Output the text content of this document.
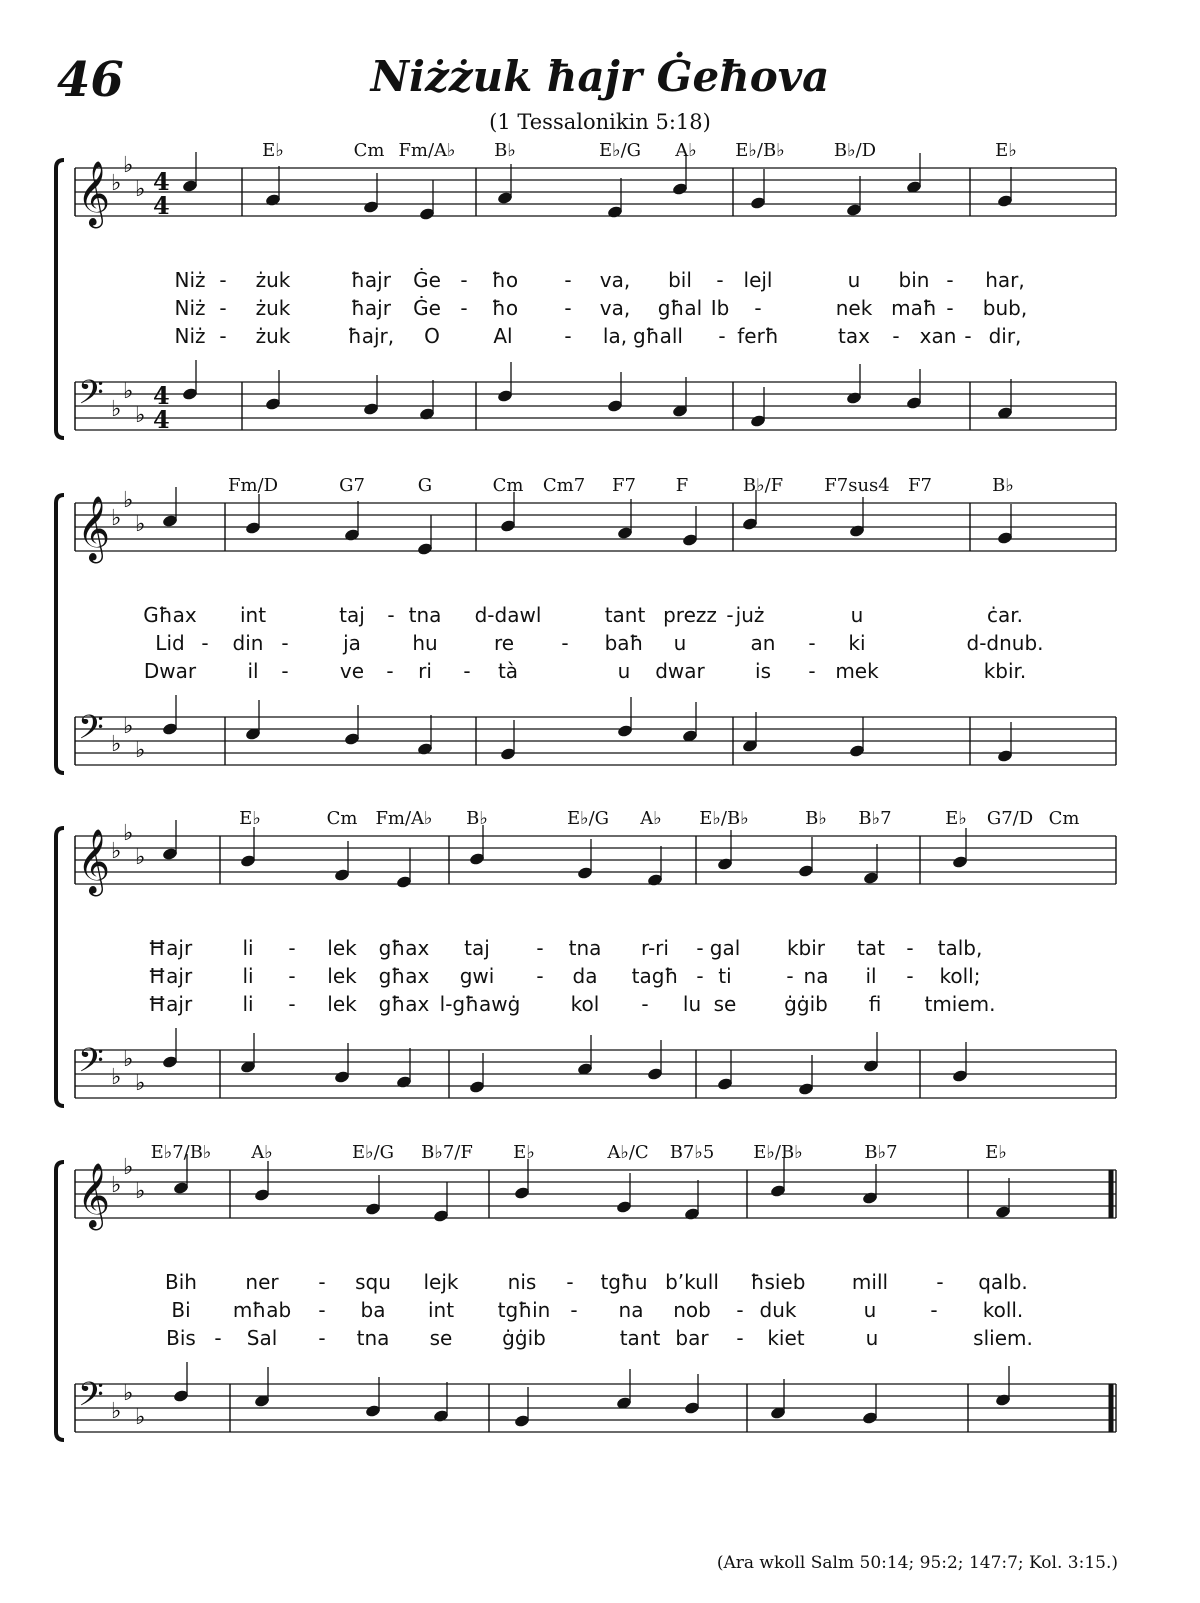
46	Niżżuk ħajr Ġeħova
(1 Tessalonikin 5:18)
E♭	Cm Fm/A♭ B♭	E♭/G A♭ E♭/B♭	B♭/D	E♭
𝄞 ♭
♭
♭ 4
4
𝄢 ♭
♭
♭
4
4
Niż - żuk	ħajr Ġe - ħo - va, bil - lejl	u bin - har,
Niż - żuk	ħajr Ġe - ħo - va, għal Ib -	nek maħ - bub,
Niż - żuk	ħajr, O	Al	- la, għall - ferħ	tax - xan - dir,
Fm/D	G7	G	Cm Cm7 F7 F	B♭/F F7sus4 F7	B♭
𝄞 ♭
♭
♭
𝄢 ♭
♭
♭
Għax int	taj - tna d-dawl	tant prezz - już	u	ċar.
Lid - din -	ja	hu	re - baħ u	an - ki	d-dnub.
Dwar	il -	ve - ri - tà	u dwar	is - mek	kbir.
E♭	Cm Fm/A♭ B♭	E♭/G A♭ E♭/B♭	B♭ B♭7	E♭ G7/D Cm
𝄞 ♭
♭
♭
𝄢 ♭
♭
♭
Ħajr	li - lek għax taj - tna r-ri - gal kbir tat - talb,
Ħajr	li - lek għax gwi - da tagħ - ti	- na il - koll;
Ħajr	li - lek għax l-għawġ	kol - lu se ġġib fi tmiem.
E♭7/B♭ A♭	E♭/G B♭7/F E♭	A♭/C B7♭5 E♭/B♭	B♭7	E♭
𝄞 ♭
♭
♭
𝄢 ♭
♭
♭
Bih ner - squ lejk nis - tgħu b’kull ħsieb mill - qalb.
Bi mħab - ba int tgħin - na nob - duk	u	- koll.
Bis - Sal - tna se ġġib	tant bar - kiet	u	sliem.
(Ara wkoll Salm 50:14; 95:2; 147:7; Kol. 3:15.)
